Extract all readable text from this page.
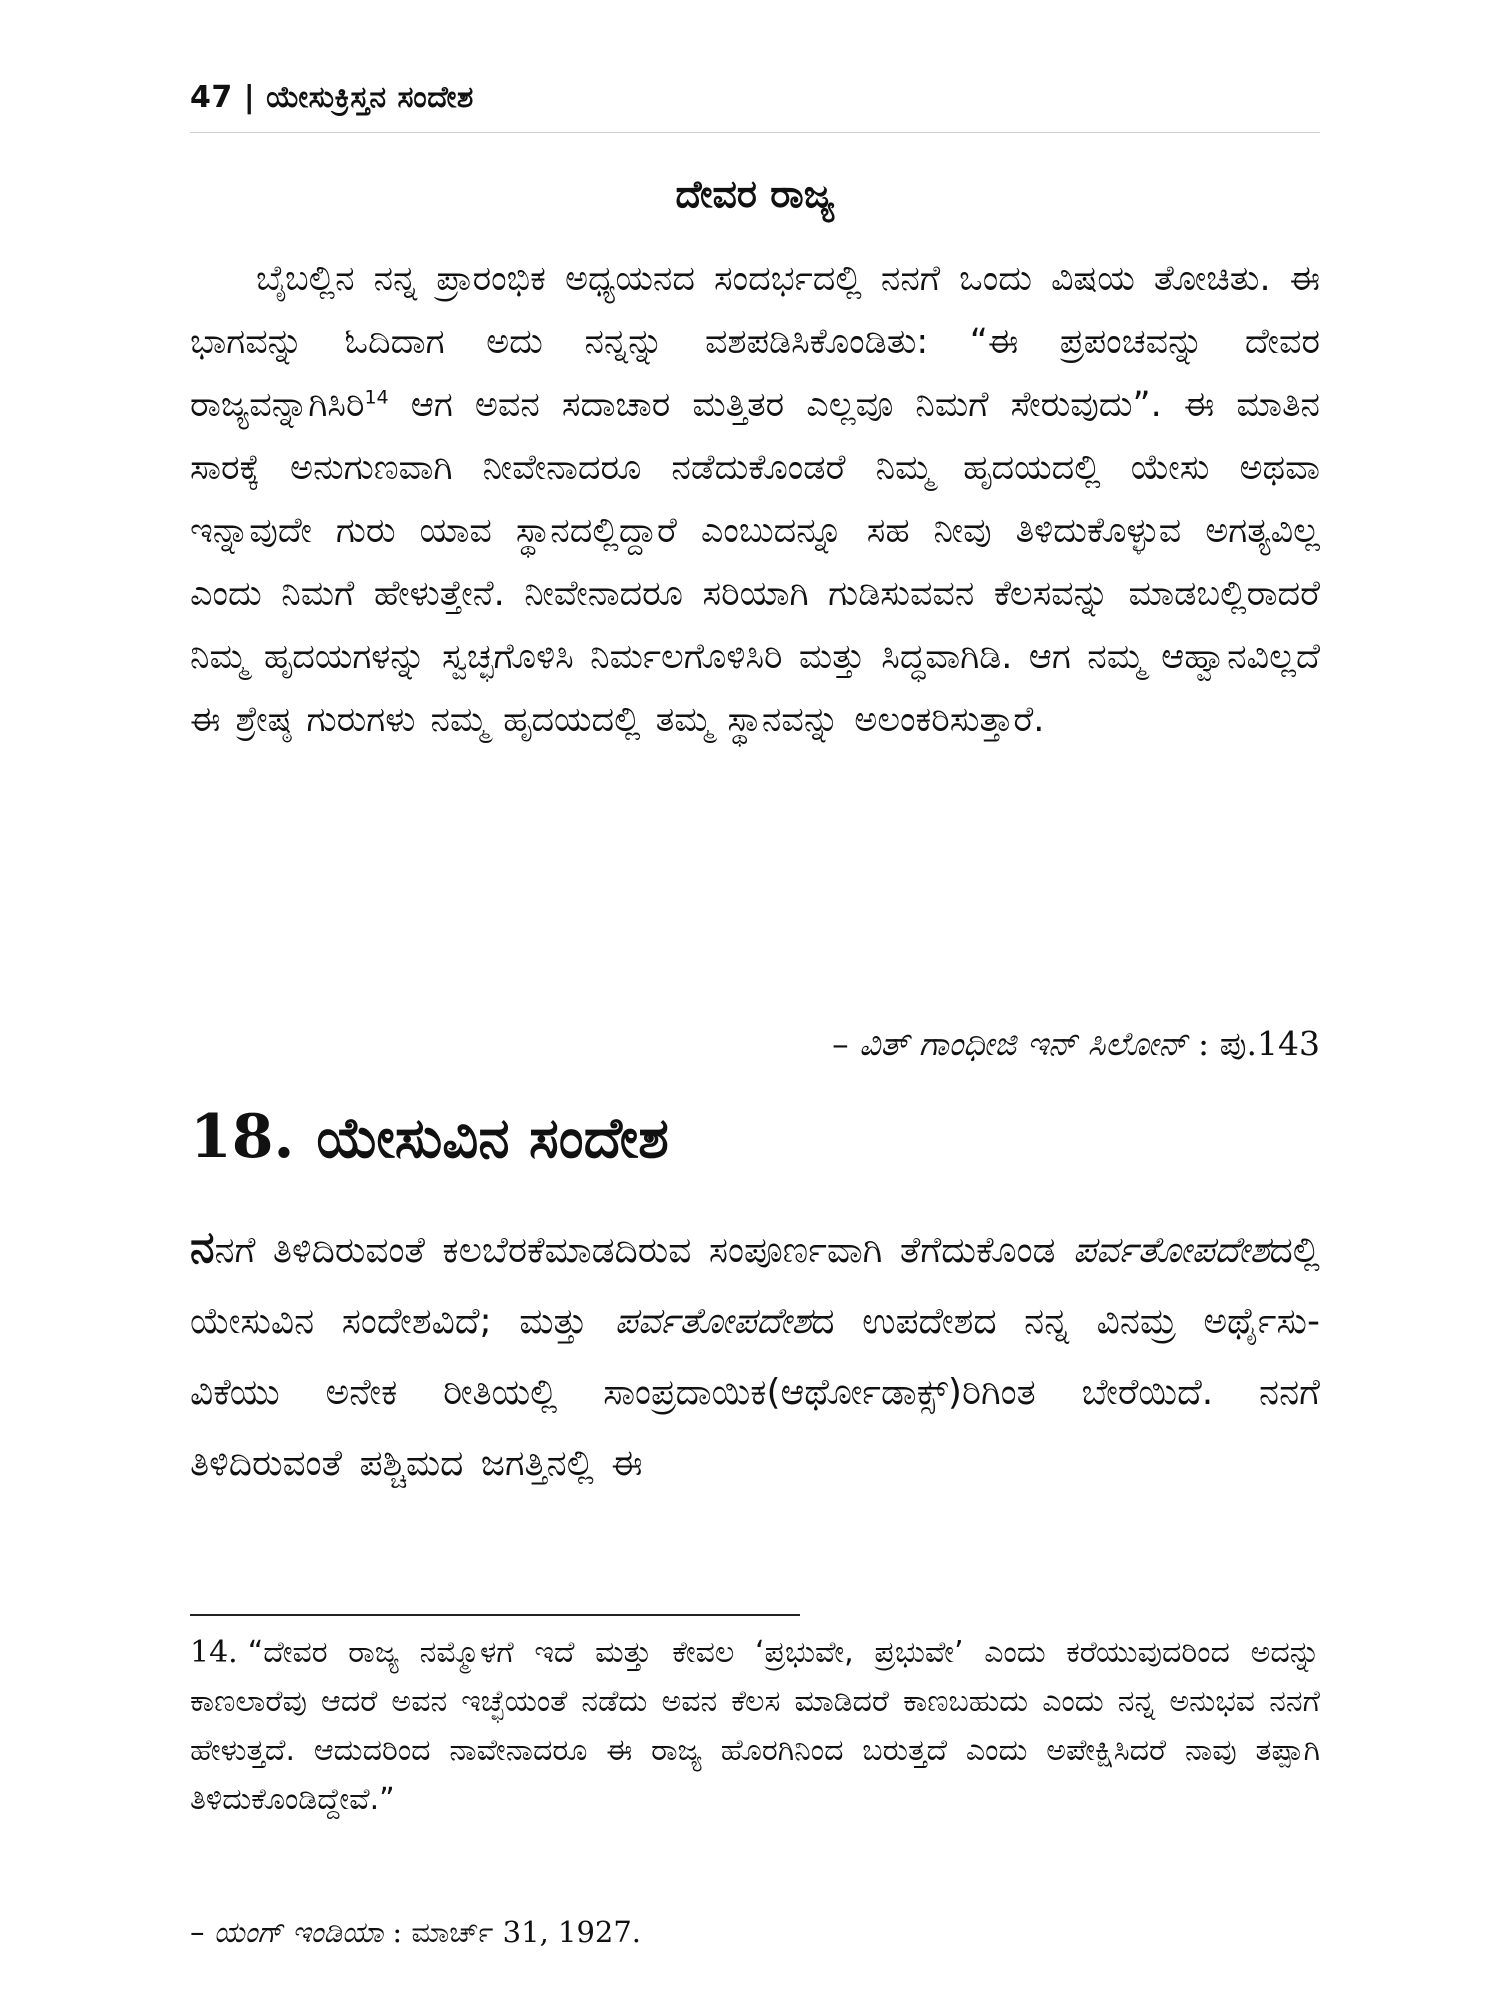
47 | ಯೇಸುಕ್ರಿಸ್ತನ ಸಂದೇಶ
ದೇವರ ರಾಜ್ಯ
ಬೈಬಲ್ಲಿನ ನನ್ನ ಪ್ರಾರಂಭಿಕ ಅಧ್ಯಯನದ ಸಂದರ್ಭದಲ್ಲಿ ನನಗೆ ಒಂದು ವಿಷಯ ತೋಚಿತು. ಈ ಭಾಗವನ್ನು ಓದಿದಾಗ ಅದು ನನ್ನನ್ನು ವಶಪಡಿಸಿಕೊಂಡಿತು: “ಈ ಪ್ರಪಂಚವನ್ನು ದೇವರ ರಾಜ್ಯವನ್ನಾಗಿಸಿರಿ$^{14}$ ಆಗ ಅವನ ಸದಾಚಾರ ಮತ್ತಿತರ ಎಲ್ಲವೂ ನಿಮಗೆ ಸೇರುವುದು”. ಈ ಮಾತಿನ ಸಾರಕ್ಕೆ ಅನುಗುಣವಾಗಿ ನೀವೇನಾದರೂ ನಡೆದುಕೊಂಡರೆ ನಿಮ್ಮ ಹೃದಯದಲ್ಲಿ ಯೇಸು ಅಥವಾ ಇನ್ನಾವುದೇ ಗುರು ಯಾವ ಸ್ಥಾನದಲ್ಲಿದ್ದಾರೆ ಎಂಬುದನ್ನೂ ಸಹ ನೀವು ತಿಳಿದುಕೊಳ್ಳುವ ಅಗತ್ಯವಿಲ್ಲ ಎಂದು ನಿಮಗೆ ಹೇಳುತ್ತೇನೆ. ನೀವೇನಾದರೂ ಸರಿಯಾಗಿ ಗುಡಿಸುವವನ ಕೆಲಸವನ್ನು ಮಾಡಬಲ್ಲಿರಾದರೆ ನಿಮ್ಮ ಹೃದಯಗಳನ್ನು ಸ್ವಚ್ಛಗೊಳಿಸಿ ನಿರ್ಮಲಗೊಳಿಸಿರಿ ಮತ್ತು ಸಿದ್ಧವಾಗಿಡಿ. ಆಗ ನಮ್ಮ ಆಹ್ವಾನವಿಲ್ಲದೆ ಈ ಶ್ರೇಷ್ಠ ಗುರುಗಳು ನಮ್ಮ ಹೃದಯದಲ್ಲಿ ತಮ್ಮ ಸ್ಥಾನವನ್ನು ಅಲಂಕರಿಸುತ್ತಾರೆ.
– ವಿತ್ ಗಾಂಧೀಜಿ ಇನ್ ಸಿಲೋನ್ : ಪು.143
18. ಯೇಸುವಿನ ಸಂದೇಶ
ನನಗೆ ತಿಳಿದಿರುವಂತೆ ಕಲಬೆರಕೆಮಾಡದಿರುವ ಸಂಪೂರ್ಣವಾಗಿ ತೆಗೆದುಕೊಂಡ ಪರ್ವತೋಪದೇಶದಲ್ಲಿ ಯೇಸುವಿನ ಸಂದೇಶವಿದೆ; ಮತ್ತು ಪರ್ವತೋಪದೇಶದ ಉಪದೇಶದ ನನ್ನ ವಿನಮ್ರ ಅರ್ಥೈಸು-ವಿಕೆಯು ಅನೇಕ ರೀತಿಯಲ್ಲಿ ಸಾಂಪ್ರದಾಯಿಕ(ಆರ್ಥೋಡಾಕ್ಸ್)ರಿಗಿಂತ ಬೇರೆಯಿದೆ. ನನಗೆ ತಿಳಿದಿರುವಂತೆ ಪಶ್ಚಿಮದ ಜಗತ್ತಿನಲ್ಲಿ ಈ
14. “ದೇವರ ರಾಜ್ಯ ನಮ್ಮೊಳಗೆ ಇದೆ ಮತ್ತು ಕೇವಲ ‘ಪ್ರಭುವೇ, ಪ್ರಭುವೇ’ ಎಂದು ಕರೆಯುವುದರಿಂದ ಅದನ್ನು ಕಾಣಲಾರೆವು ಆದರೆ ಅವನ ಇಚ್ಛೆಯಂತೆ ನಡೆದು ಅವನ ಕೆಲಸ ಮಾಡಿದರೆ ಕಾಣಬಹುದು ಎಂದು ನನ್ನ ಅನುಭವ ನನಗೆ ಹೇಳುತ್ತದೆ. ಆದುದರಿಂದ ನಾವೇನಾದರೂ ಈ ರಾಜ್ಯ ಹೊರಗಿನಿಂದ ಬರುತ್ತದೆ ಎಂದು ಅಪೇಕ್ಷಿಸಿದರೆ ನಾವು ತಪ್ಪಾಗಿ ತಿಳಿದುಕೊಂಡಿದ್ದೇವೆ.”
– ಯಂಗ್ ಇಂಡಿಯಾ : ಮಾರ್ಚ್ 31, 1927.
